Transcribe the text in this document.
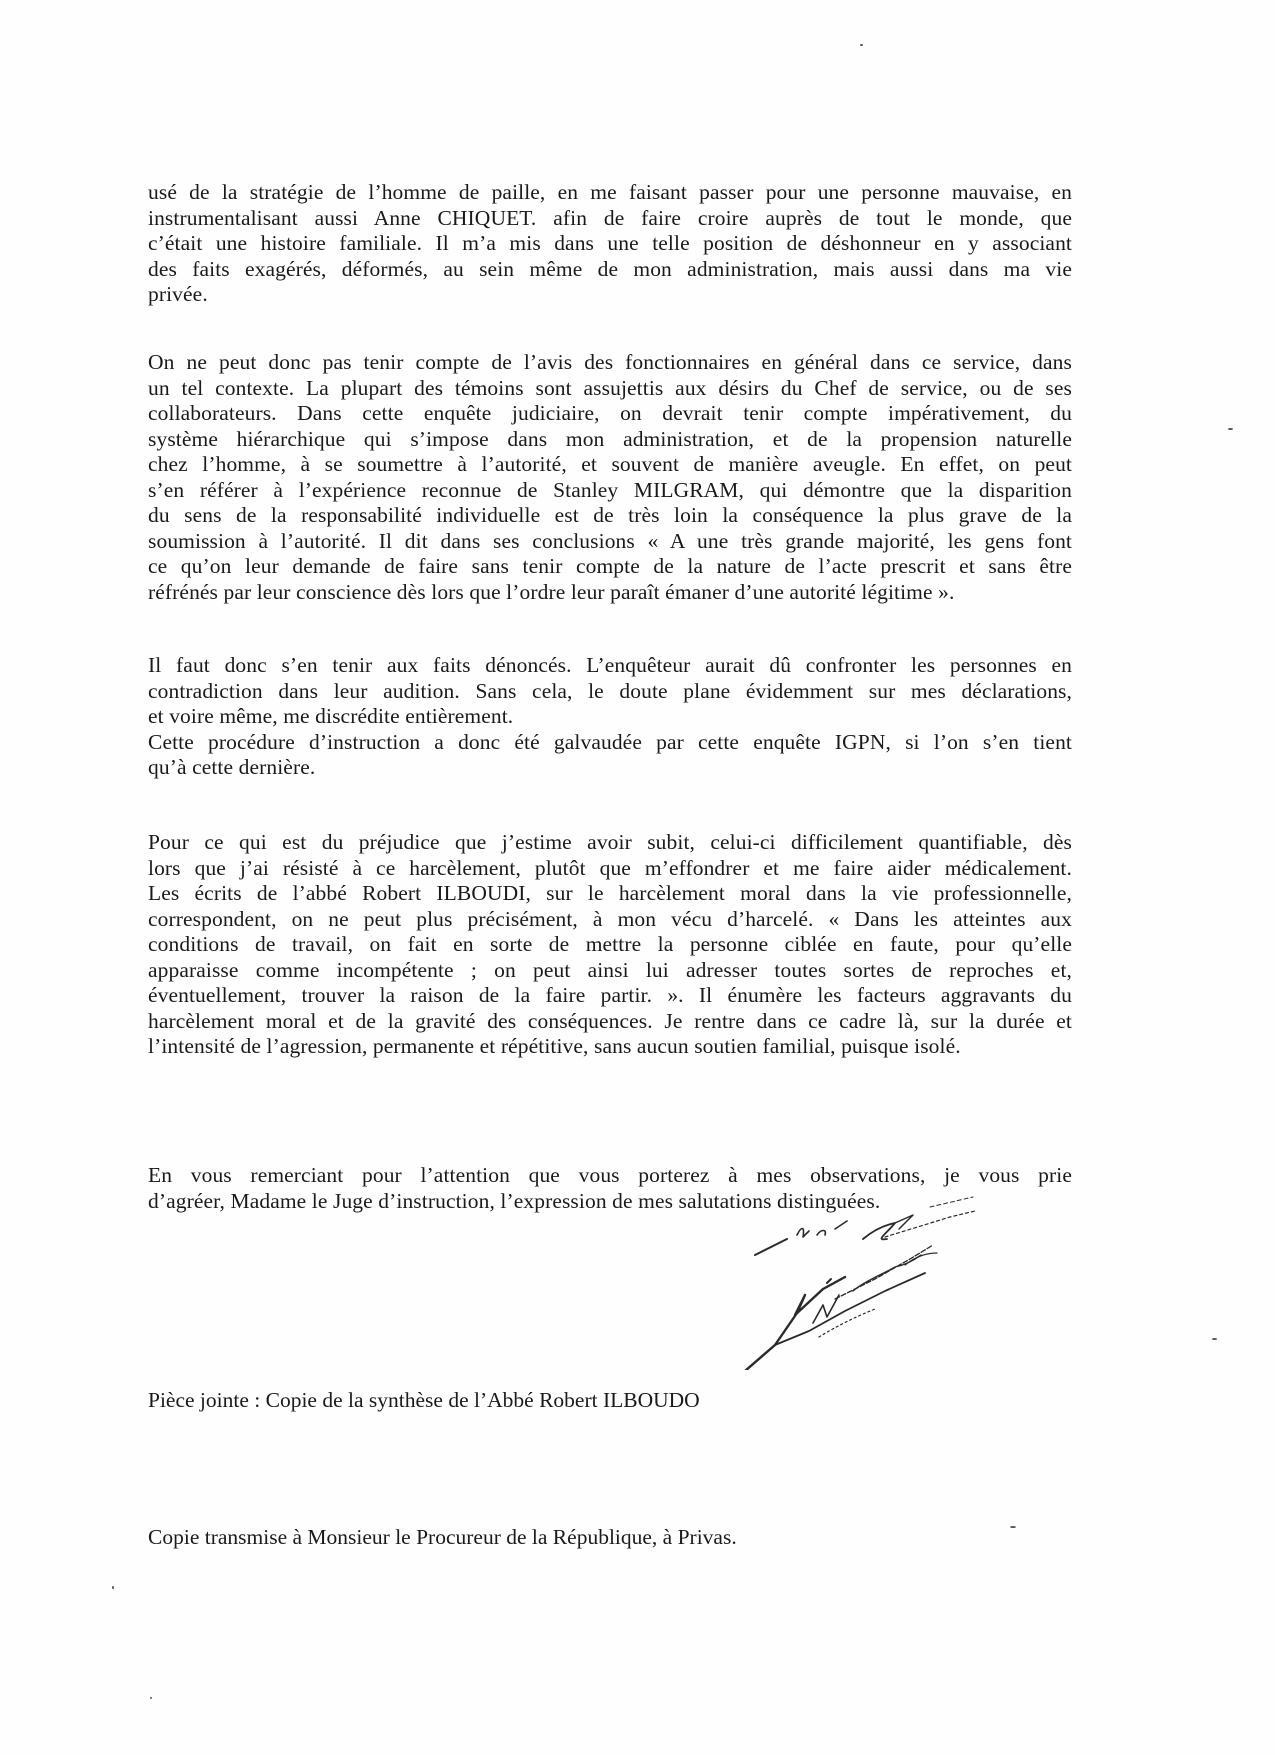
usé de la stratégie de l’homme de paille, en me faisant passer pour une personne mauvaise, en
instrumentalisant aussi Anne CHIQUET. afin de faire croire auprès de tout le monde, que
c’était une histoire familiale. Il m’a mis dans une telle position de déshonneur en y associant
des faits exagérés, déformés, au sein même de mon administration, mais aussi dans ma vie
privée.
On ne peut donc pas tenir compte de l’avis des fonctionnaires en général dans ce service, dans
un tel contexte. La plupart des témoins sont assujettis aux désirs du Chef de service, ou de ses
collaborateurs. Dans cette enquête judiciaire, on devrait tenir compte impérativement, du
système hiérarchique qui s’impose dans mon administration, et de la propension naturelle
chez l’homme, à se soumettre à l’autorité, et souvent de manière aveugle. En effet, on peut
s’en référer à l’expérience reconnue de Stanley MILGRAM, qui démontre que la disparition
du sens de la responsabilité individuelle est de très loin la conséquence la plus grave de la
soumission à l’autorité. Il dit dans ses conclusions « A une très grande majorité, les gens font
ce qu’on leur demande de faire sans tenir compte de la nature de l’acte prescrit et sans être
réfrénés par leur conscience dès lors que l’ordre leur paraît émaner d’une autorité légitime ».
Il faut donc s’en tenir aux faits dénoncés. L’enquêteur aurait dû confronter les personnes en
contradiction dans leur audition. Sans cela, le doute plane évidemment sur mes déclarations,
et voire même, me discrédite entièrement.
Cette procédure d’instruction a donc été galvaudée par cette enquête IGPN, si l’on s’en tient
qu’à cette dernière.
Pour ce qui est du préjudice que j’estime avoir subit, celui-ci difficilement quantifiable, dès
lors que j’ai résisté à ce harcèlement, plutôt que m’effondrer et me faire aider médicalement.
Les écrits de l’abbé Robert ILBOUDI, sur le harcèlement moral dans la vie professionnelle,
correspondent, on ne peut plus précisément, à mon vécu d’harcelé. « Dans les atteintes aux
conditions de travail, on fait en sorte de mettre la personne ciblée en faute, pour qu’elle
apparaisse comme incompétente ; on peut ainsi lui adresser toutes sortes de reproches et,
éventuellement, trouver la raison de la faire partir. ». Il énumère les facteurs aggravants du
harcèlement moral et de la gravité des conséquences. Je rentre dans ce cadre là, sur la durée et
l’intensité de l’agression, permanente et répétitive, sans aucun soutien familial, puisque isolé.
En vous remerciant pour l’attention que vous porterez à mes observations, je vous prie
d’agréer, Madame le Juge d’instruction, l’expression de mes salutations distinguées.
Pièce jointe : Copie de la synthèse de l’Abbé Robert ILBOUDO
Copie transmise à Monsieur le Procureur de la République, à Privas.
